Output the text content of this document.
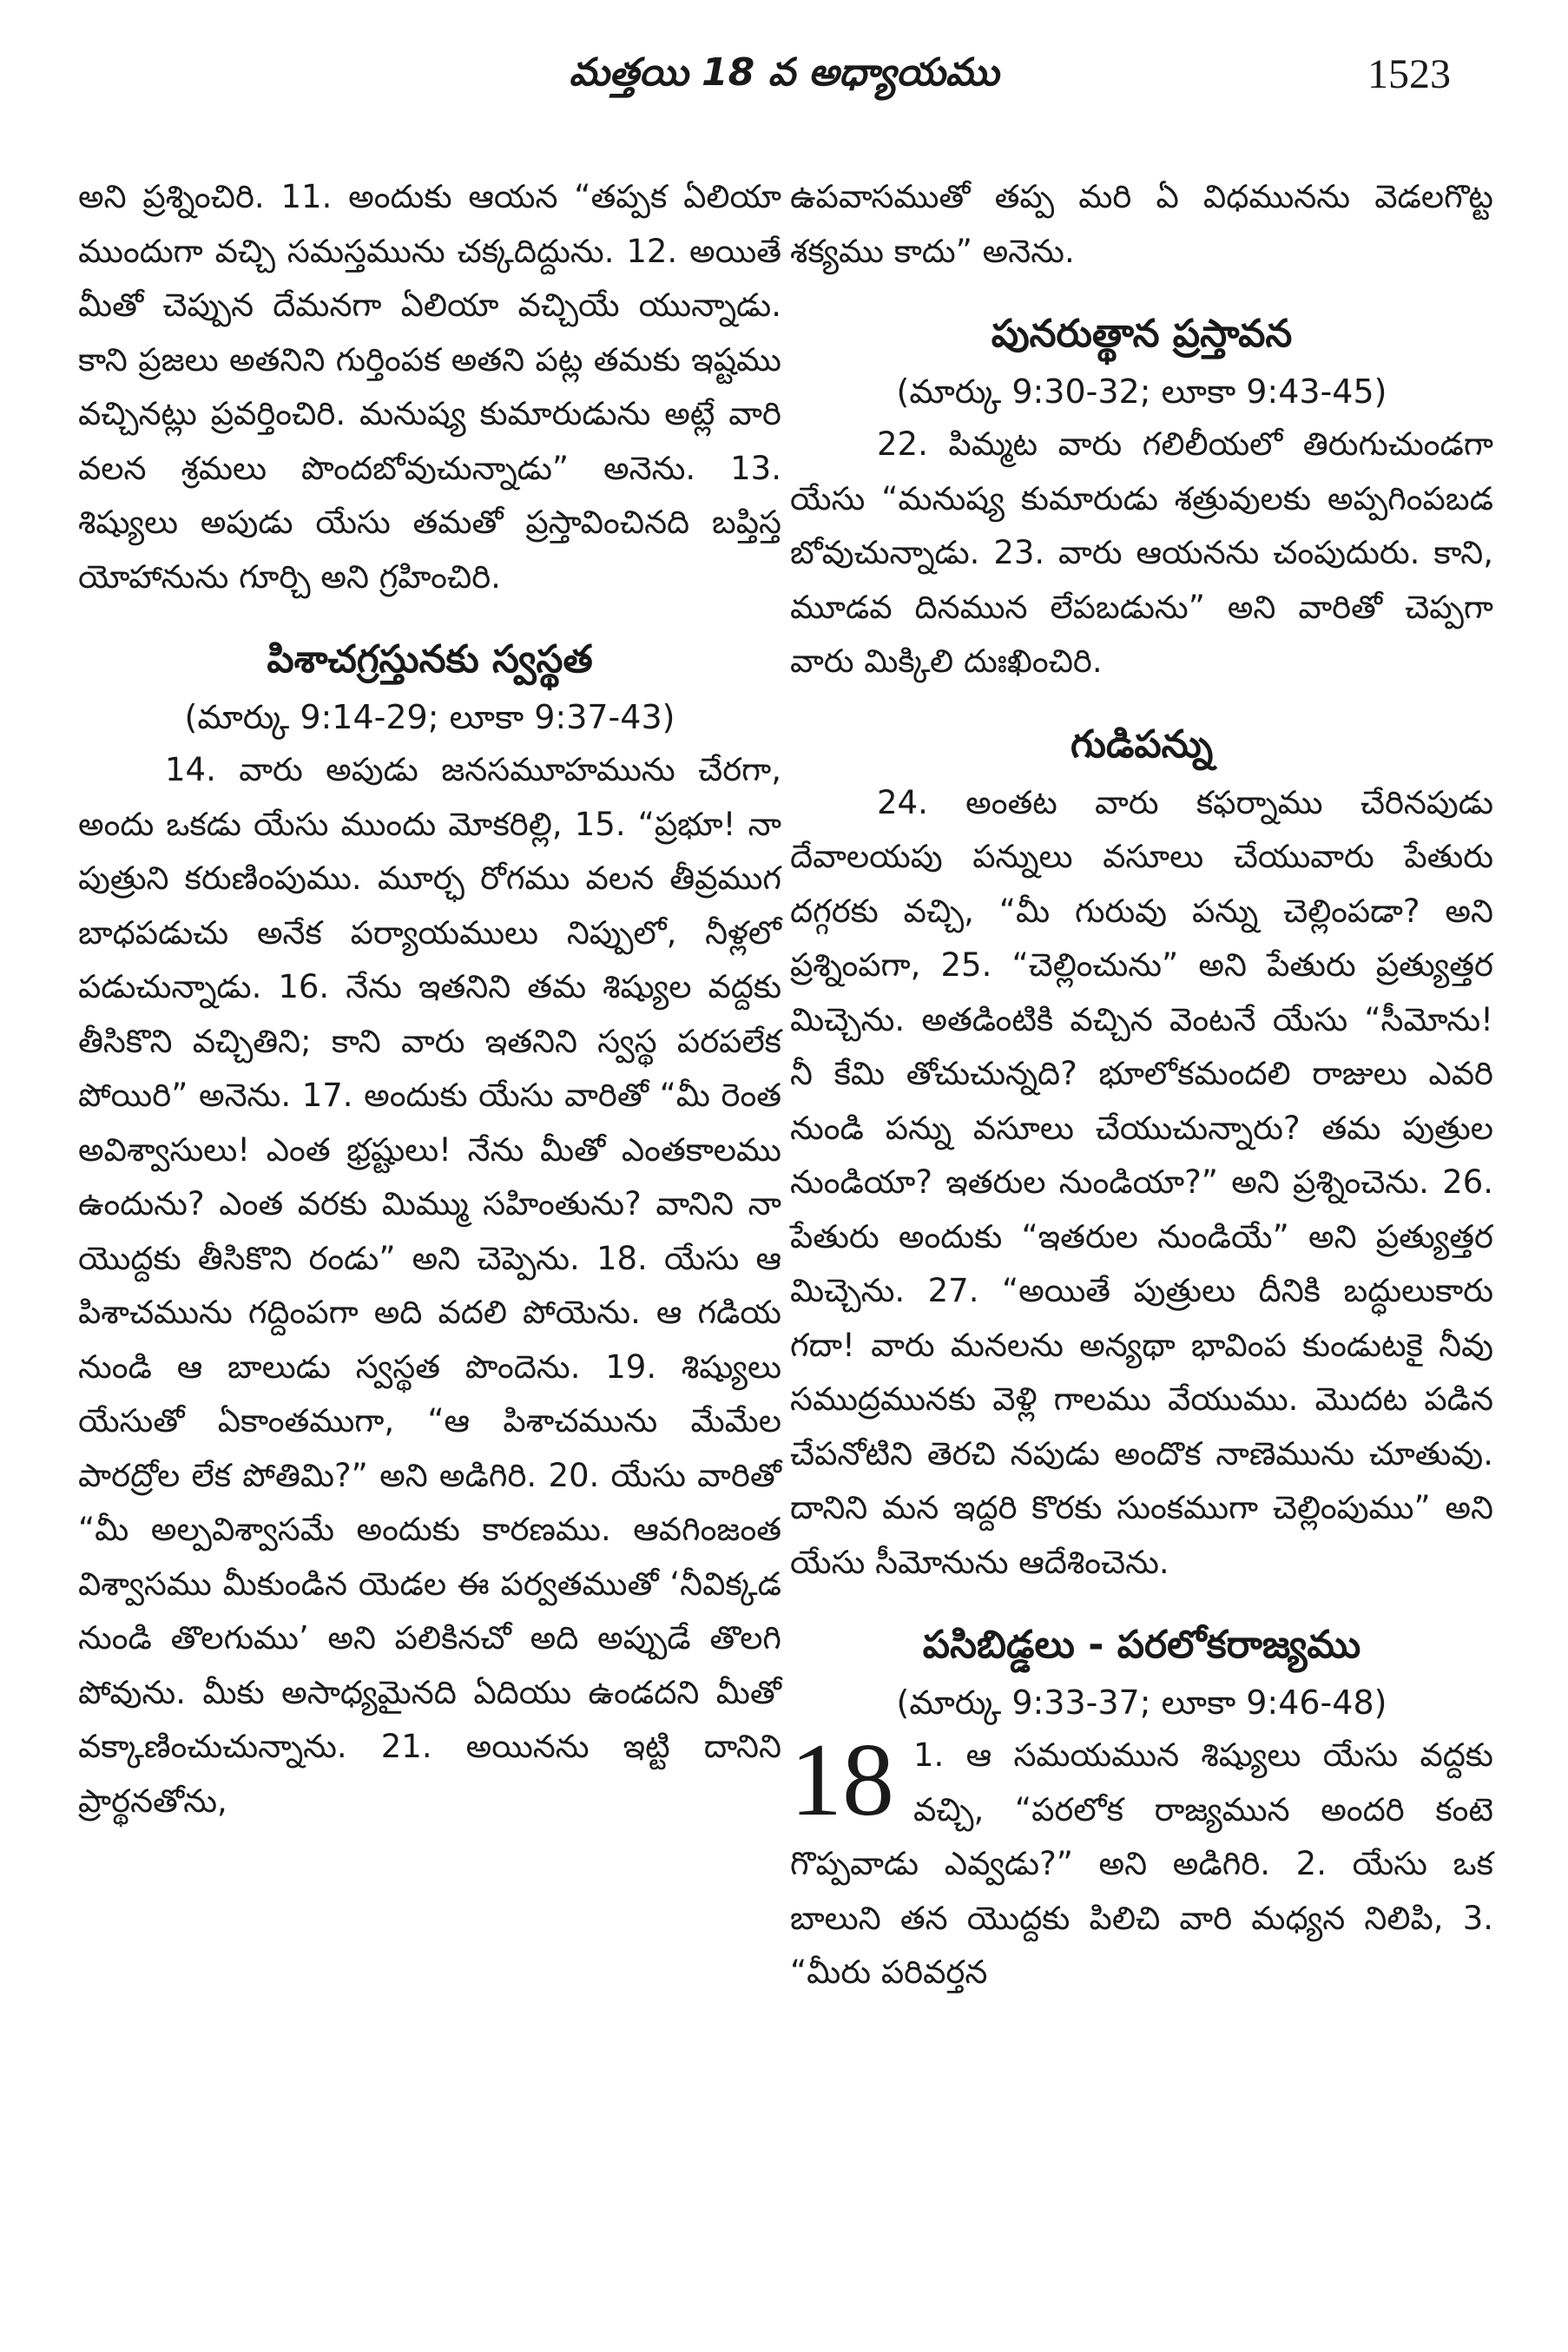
మత్తయి 18 వ అధ్యాయము	1523

అని ప్రశ్నించిరి. 11. అందుకు ఆయన “తప్పక ఏలియా ముందుగా వచ్చి సమస్తమును చక్కదిద్దును. 12. అయితే మీతో చెప్పున దేమనగా ఏలియా వచ్చియే యున్నాడు. కాని ప్రజలు అతనిని గుర్తింపక అతని పట్ల తమకు ఇష్టము వచ్చినట్లు ప్రవర్తించిరి. మనుష్య కుమారుడును అట్లే వారి వలన శ్రమలు పొందబోవుచున్నాడు” అనెను. 13. శిష్యులు అపుడు యేసు తమతో ప్రస్తావించినది బప్తిస్త యోహానును గూర్చి అని గ్రహించిరి.

పిశాచగ్రస్తునకు స్వస్థత
(మార్కు 9:14-29; లూకా 9:37-43)

14. వారు అపుడు జనసమూహమును చేరగా, అందు ఒకడు యేసు ముందు మోకరిల్లి, 15. “ప్రభూ! నా పుత్రుని కరుణింపుము. మూర్ఛ రోగము వలన తీవ్రముగ బాధపడుచు అనేక పర్యాయములు నిప్పులో, నీళ్లలో పడుచున్నాడు. 16. నేను ఇతనిని తమ శిష్యుల వద్దకు తీసికొని వచ్చితిని; కాని వారు ఇతనిని స్వస్థ పరపలేక పోయిరి” అనెను. 17. అందుకు యేసు వారితో “మీ రెంత అవిశ్వాసులు! ఎంత భ్రష్టులు! నేను మీతో ఎంతకాలము ఉందును? ఎంత వరకు మిమ్ము సహింతును? వానిని నా యొద్దకు తీసికొని రండు” అని చెప్పెను. 18. యేసు ఆ పిశాచమును గద్దింపగా అది వదలి పోయెను. ఆ గడియ నుండి ఆ బాలుడు స్వస్థత పొందెను. 19. శిష్యులు యేసుతో ఏకాంతముగా, “ఆ పిశాచమును మేమేల పారద్రోల లేక పోతిమి?” అని అడిగిరి. 20. యేసు వారితో “మీ అల్పవిశ్వాసమే అందుకు కారణము. ఆవగింజంత విశ్వాసము మీకుండిన యెడల ఈ పర్వతముతో ‘నీవిక్కడ నుండి తొలగుము’ అని పలికినచో అది అప్పుడే తొలగి పోవును. మీకు అసాధ్యమైనది ఏదియు ఉండదని మీతో వక్కాణించుచున్నాను. 21. అయినను ఇట్టి దానిని ప్రార్థనతోను,

ఉపవాసముతో తప్ప మరి ఏ విధమునను వెడలగొట్ట శక్యము కాదు” అనెను.

పునరుత్థాన ప్రస్తావన
(మార్కు 9:30-32; లూకా 9:43-45)

22. పిమ్మట వారు గలిలీయలో తిరుగుచుండగా యేసు “మనుష్య కుమారుడు శత్రువులకు అప్పగింపబడ బోవుచున్నాడు. 23. వారు ఆయనను చంపుదురు. కాని, మూడవ దినమున లేపబడును” అని వారితో చెప్పగా వారు మిక్కిలి దుఃఖించిరి.

గుడిపన్ను

24. అంతట వారు కఫర్నాము చేరినపుడు దేవాలయపు పన్నులు వసూలు చేయువారు పేతురు దగ్గరకు వచ్చి, “మీ గురువు పన్ను చెల్లింపడా? అని ప్రశ్నింపగా, 25. “చెల్లించును” అని పేతురు ప్రత్యుత్తర మిచ్చెను. అతడింటికి వచ్చిన వెంటనే యేసు “సీమోను! నీ కేమి తోచుచున్నది? భూలోకమందలి రాజులు ఎవరి నుండి పన్ను వసూలు చేయుచున్నారు? తమ పుత్రుల నుండియా? ఇతరుల నుండియా?” అని ప్రశ్నించెను. 26. పేతురు అందుకు “ఇతరుల నుండియే” అని ప్రత్యుత్తర మిచ్చెను. 27. “అయితే పుత్రులు దీనికి బద్ధులుకారు గదా! వారు మనలను అన్యథా భావింప కుండుటకై నీవు సముద్రమునకు వెళ్లి గాలము వేయుము. మొదట పడిన చేపనోటిని తెరచి నపుడు అందొక నాణెమును చూతువు. దానిని మన ఇద్దరి కొరకు సుంకముగా చెల్లింపుము” అని యేసు సీమోనును ఆదేశించెను.

పసిబిడ్డలు - పరలోకరాజ్యము
(మార్కు 9:33-37; లూకా 9:46-48)
18 1. ఆ సమయమున శిష్యులు యేసు వద్దకు వచ్చి, “పరలోక రాజ్యమున అందరి కంటె గొప్పవాడు ఎవ్వడు?” అని అడిగిరి. 2. యేసు ఒక బాలుని తన యొద్దకు పిలిచి వారి మధ్యన నిలిపి, 3. “మీరు పరివర్తన
